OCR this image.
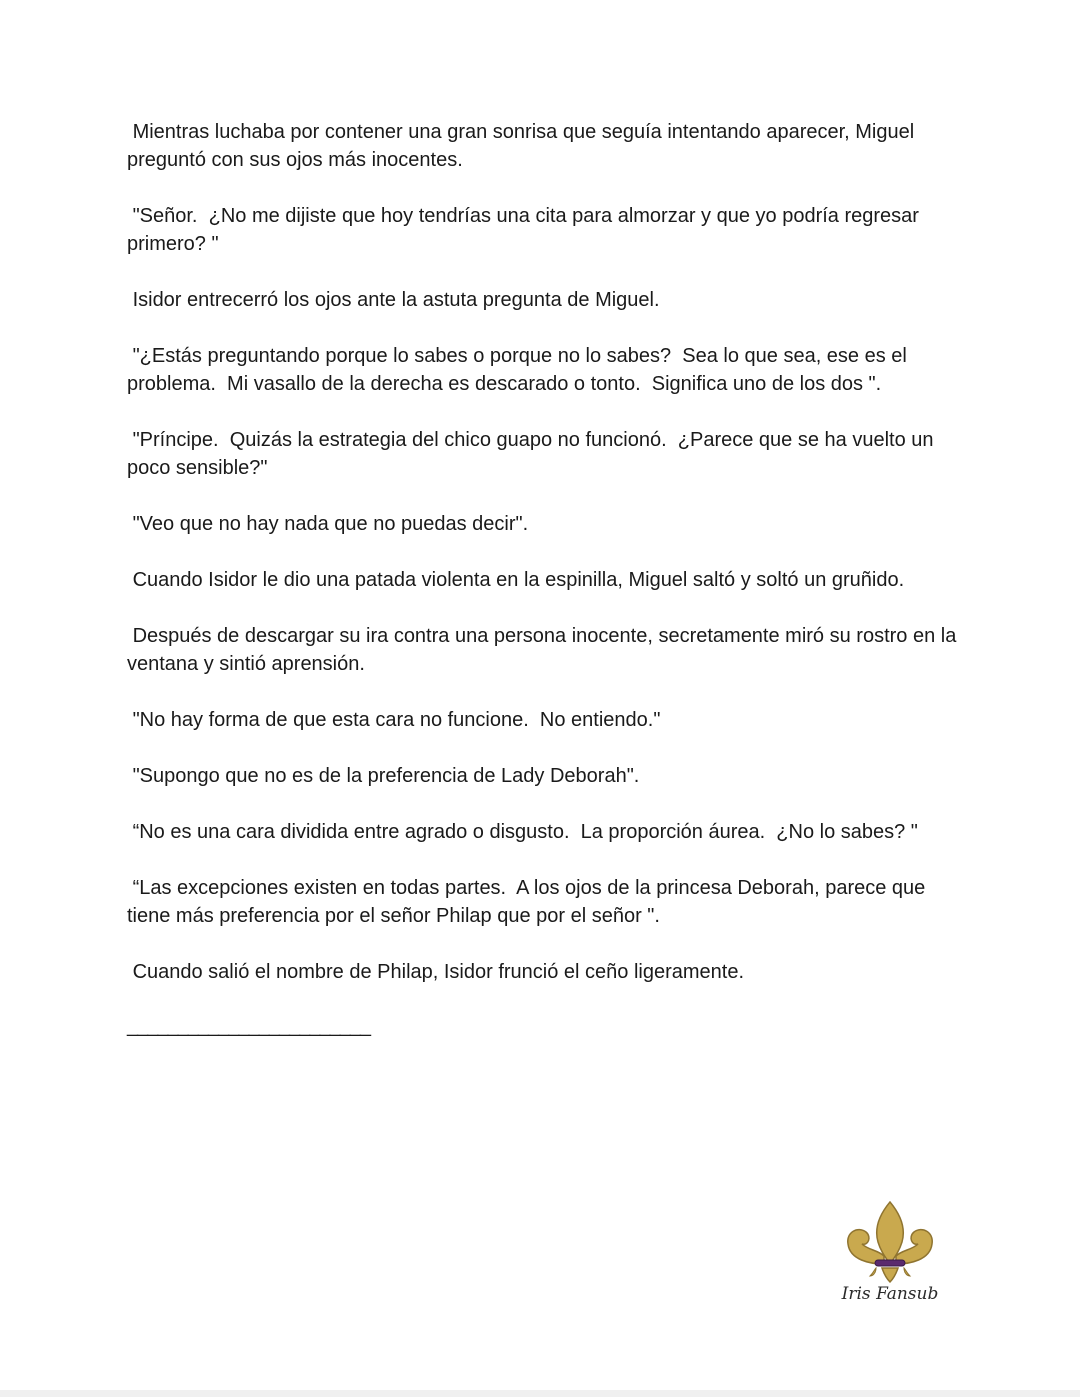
Mientras luchaba por contener una gran sonrisa que seguía intentando aparecer, Miguel preguntó con sus ojos más inocentes.

"Señor.  ¿No me dijiste que hoy tendrías una cita para almorzar y que yo podría regresar primero? "

Isidor entrecerró los ojos ante la astuta pregunta de Miguel.

"¿Estás preguntando porque lo sabes o porque no lo sabes?  Sea lo que sea, ese es el problema.  Mi vasallo de la derecha es descarado o tonto.  Significa uno de los dos ".

"Príncipe.  Quizás la estrategia del chico guapo no funcionó.  ¿Parece que se ha vuelto un poco sensible?"

"Veo que no hay nada que no puedas decir".

Cuando Isidor le dio una patada violenta en la espinilla, Miguel saltó y soltó un gruñido.

Después de descargar su ira contra una persona inocente, secretamente miró su rostro en la ventana y sintió aprensión.

"No hay forma de que esta cara no funcione.  No entiendo."

"Supongo que no es de la preferencia de Lady Deborah".

“No es una cara dividida entre agrado o disgusto.  La proporción áurea.  ¿No lo sabes? "

“Las excepciones existen en todas partes.  A los ojos de la princesa Deborah, parece que tiene más preferencia por el señor Philap que por el señor ".

Cuando salió el nombre de Philap, Isidor frunció el ceño ligeramente.

________________________

Iris Fansub
